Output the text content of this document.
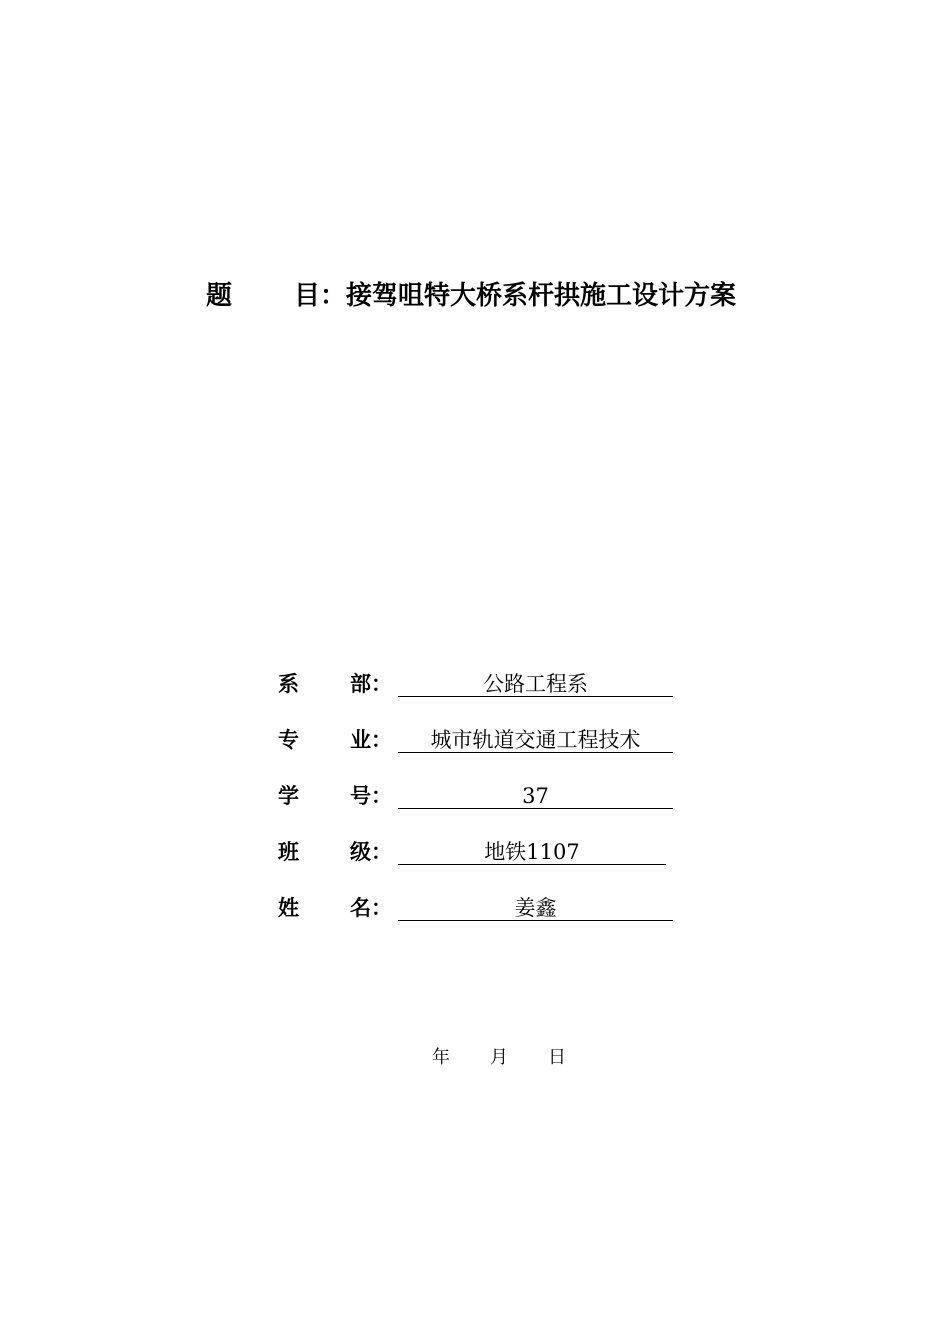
题 目：接驾咀特大桥系杆拱施工设计方案
系 部：	公路工程系
专 业：	城市轨道交通工程技术
学 号：	37
班 级：	地铁1107
姓 名：	姜鑫
年 月 日
